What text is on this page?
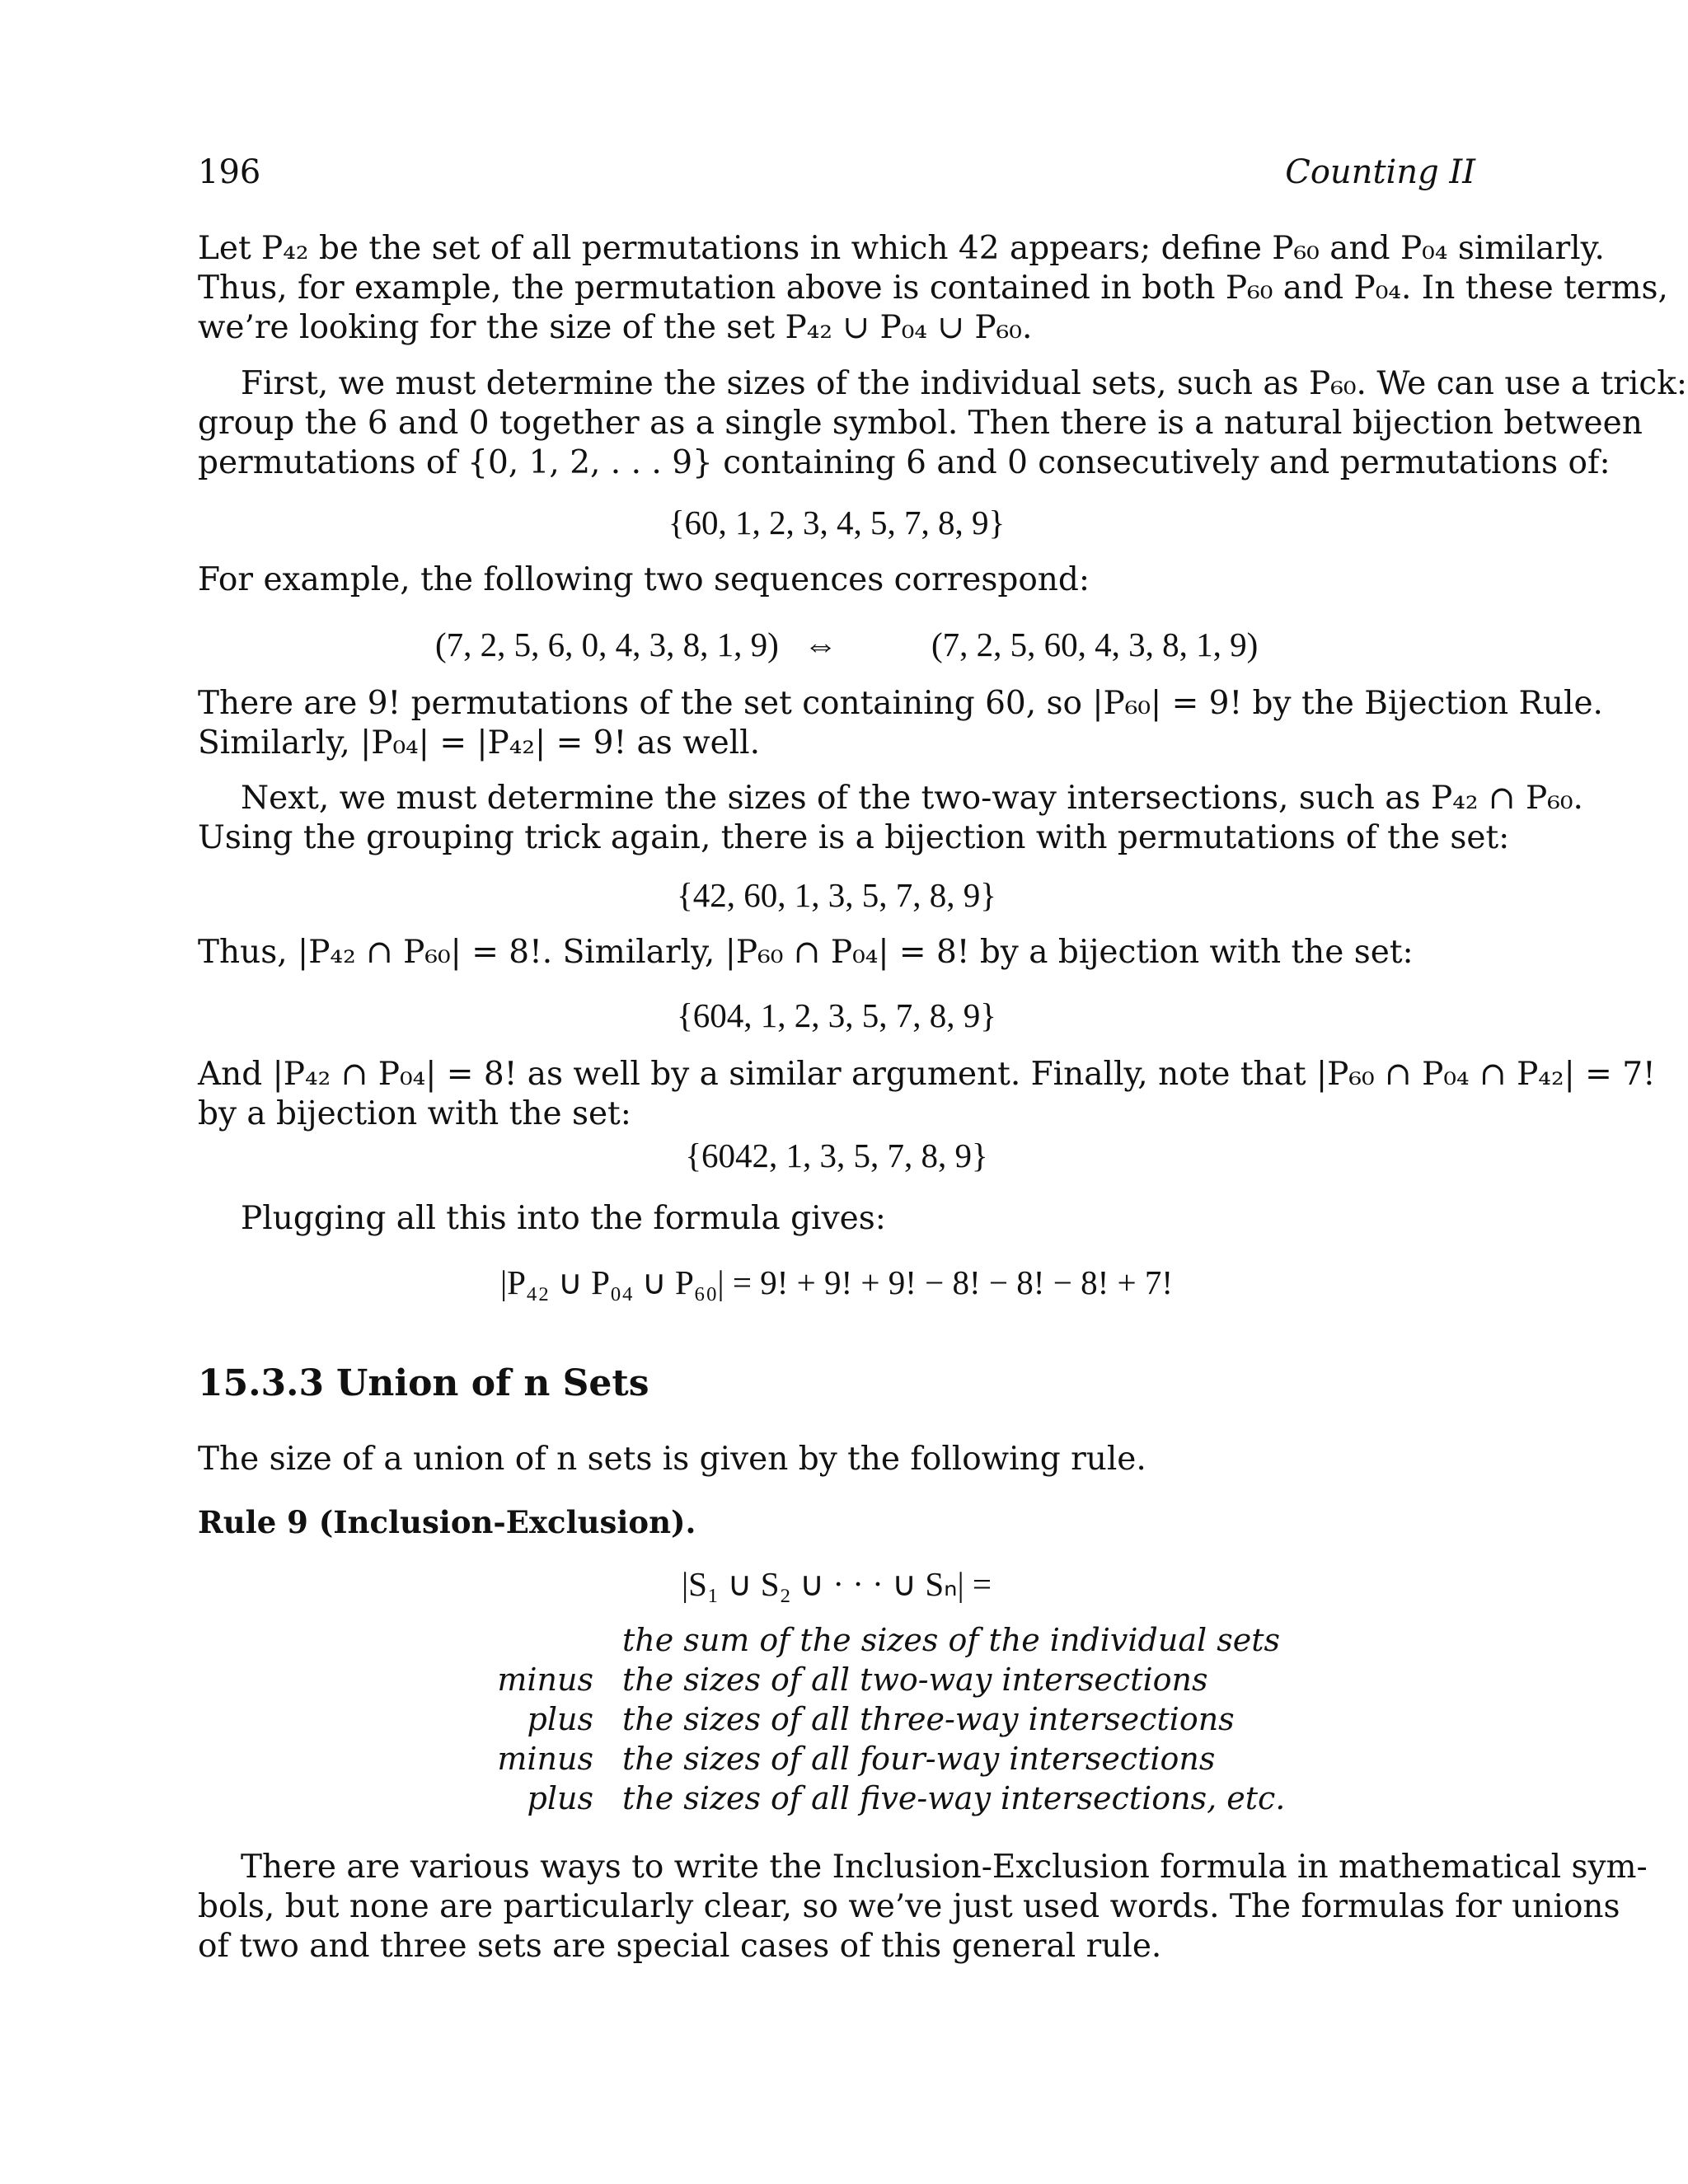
196	Counting II
Let P₄₂ be the set of all permutations in which 42 appears; define P₆₀ and P₀₄ similarly.
Thus, for example, the permutation above is contained in both P₆₀ and P₀₄. In these terms,
we’re looking for the size of the set P₄₂ ∪ P₀₄ ∪ P₆₀.
First, we must determine the sizes of the individual sets, such as P₆₀. We can use a trick:
group the 6 and 0 together as a single symbol. Then there is a natural bijection between
permutations of {0, 1, 2, . . . 9} containing 6 and 0 consecutively and permutations of:
{60, 1, 2, 3, 4, 5, 7, 8, 9}
For example, the following two sequences correspond:
(7, 2, 5, 6, 0, 4, 3, 8, 1, 9) ⇔	(7, 2, 5, 60, 4, 3, 8, 1, 9)
There are 9! permutations of the set containing 60, so |P₆₀| = 9! by the Bijection Rule.
Similarly, |P₀₄| = |P₄₂| = 9! as well.
Next, we must determine the sizes of the two-way intersections, such as P₄₂ ∩ P₆₀.
Using the grouping trick again, there is a bijection with permutations of the set:
{42, 60, 1, 3, 5, 7, 8, 9}
Thus, |P₄₂ ∩ P₆₀| = 8!. Similarly, |P₆₀ ∩ P₀₄| = 8! by a bijection with the set:
{604, 1, 2, 3, 5, 7, 8, 9}
And |P₄₂ ∩ P₀₄| = 8! as well by a similar argument. Finally, note that |P₆₀ ∩ P₀₄ ∩ P₄₂| = 7!
by a bijection with the set:
{6042, 1, 3, 5, 7, 8, 9}
Plugging all this into the formula gives:
|P₄₂ ∪ P₀₄ ∪ P₆₀| = 9! + 9! + 9! − 8! − 8! − 8! + 7!
15.3.3 Union of n Sets
The size of a union of n sets is given by the following rule.
Rule 9 (Inclusion-Exclusion).
|S₁ ∪ S₂ ∪ · · · ∪ Sₙ| =
minus
plus
minus
plus
the sum of the sizes of the individual sets
the sizes of all two-way intersections
the sizes of all three-way intersections
the sizes of all four-way intersections
the sizes of all five-way intersections, etc.
There are various ways to write the Inclusion-Exclusion formula in mathematical sym-
bols, but none are particularly clear, so we’ve just used words. The formulas for unions
of two and three sets are special cases of this general rule.
